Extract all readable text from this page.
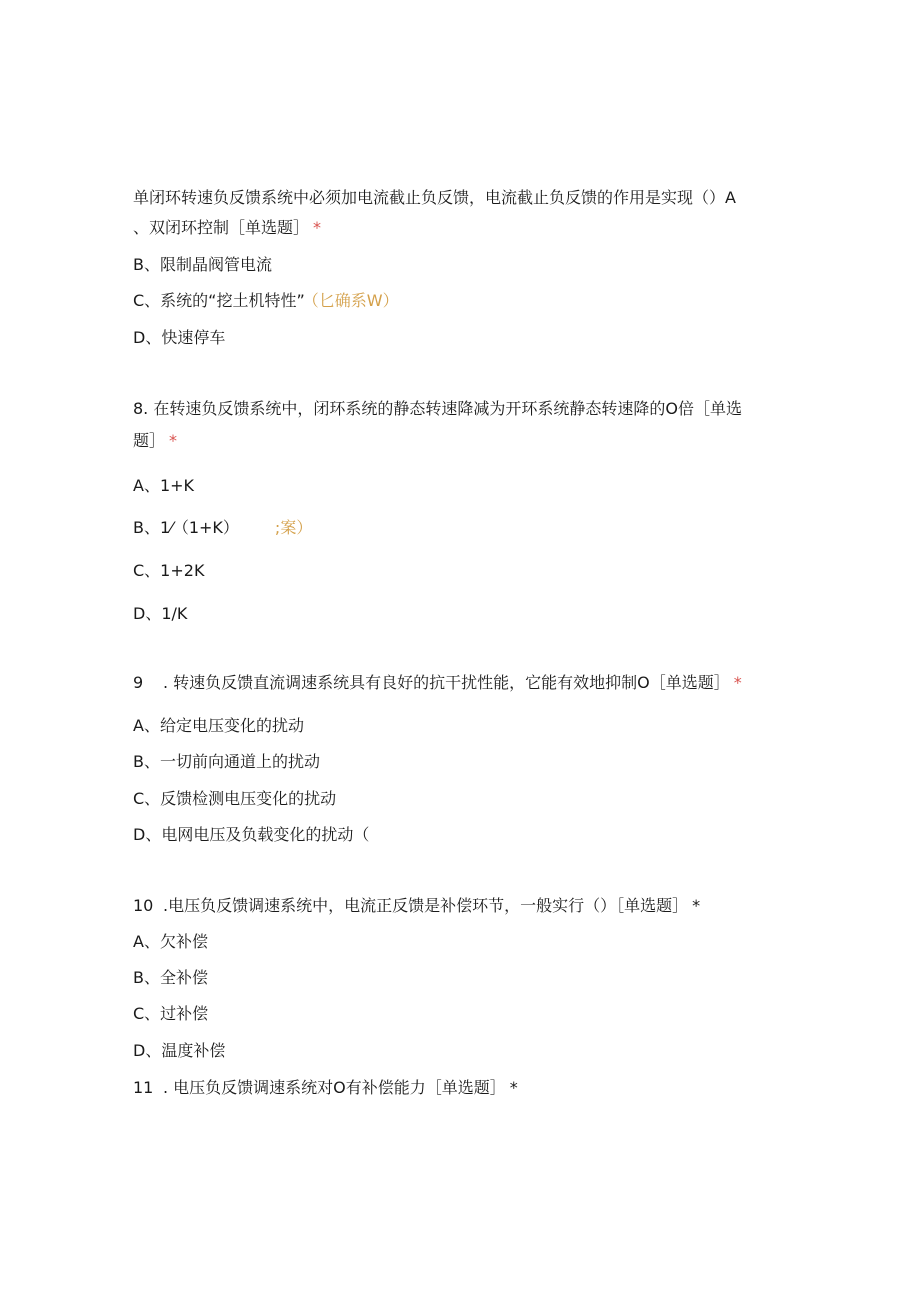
单闭环转速负反馈系统中必须加电流截止负反馈，电流截止负反馈的作用是实现（）A
、双闭环控制［单选题］ *
B、限制晶阀管电流
C、系统的“挖土机特性” （匕确系W）
D、快速停车
8. 在转速负反馈系统中，闭环系统的静态转速降减为开环系统静态转速降的O倍［单选
题］ *
A、1+K
B、1⁄（1+K） ;案）
C、1+2K
D、1/K
9 . 转速负反馈直流调速系统具有良好的抗干扰性能，它能有效地抑制O［单选题］ *
A、给定电压变化的扰动
B、一切前向通道上的扰动
C、反馈检测电压变化的扰动
D、电网电压及负载变化的扰动（
10 .电压负反馈调速系统中，电流正反馈是补偿环节，一般实行（）［单选题］ *
A、欠补偿
B、全补偿
C、过补偿
D、温度补偿
11 . 电压负反馈调速系统对O有补偿能力［单选题］ *
